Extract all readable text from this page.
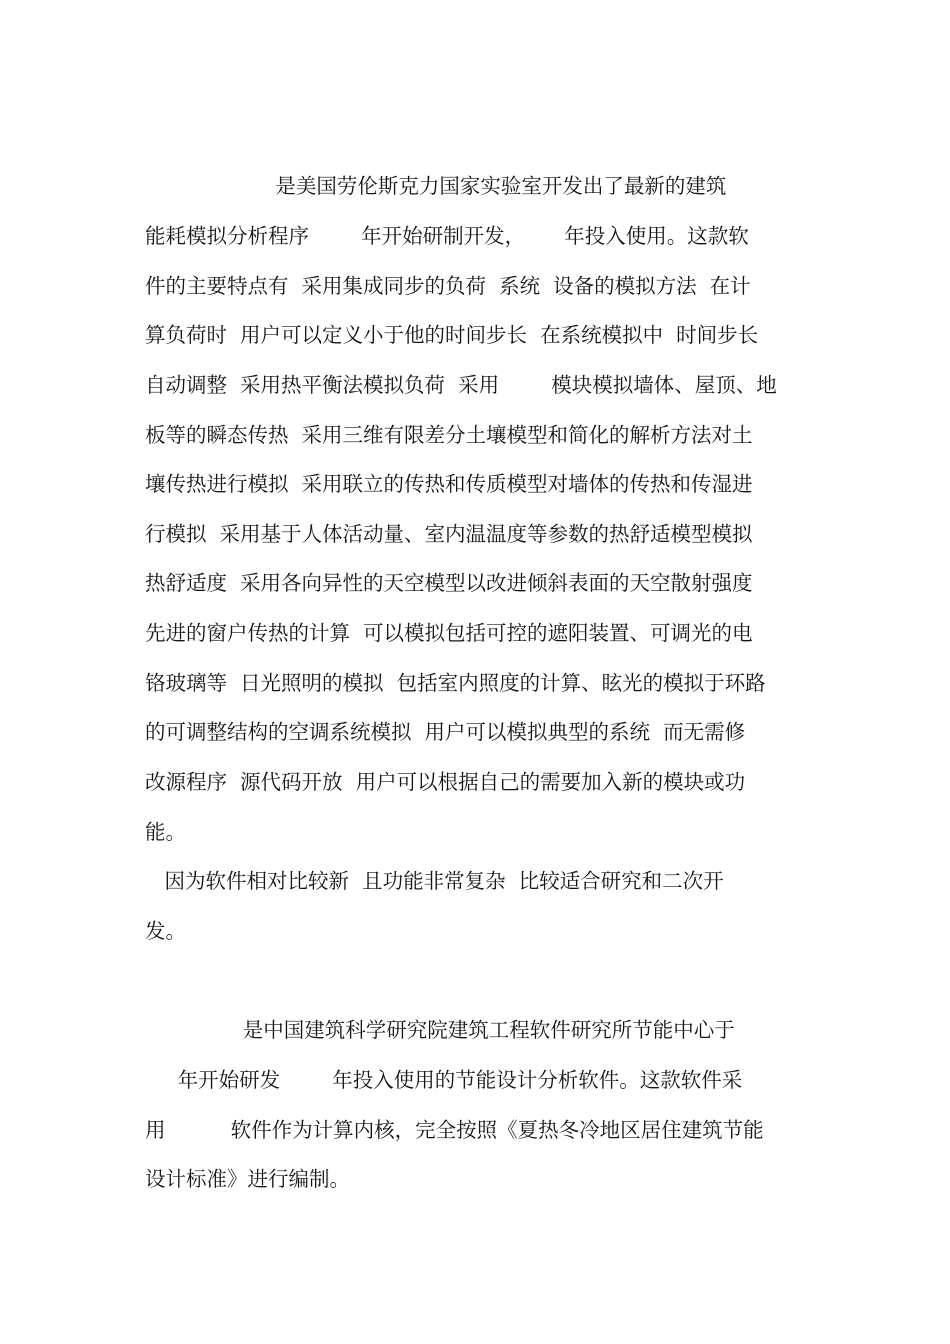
是美国劳伦斯克力国家实验室开发出了最新的建筑
能耗模拟分析程序        年开始研制开发，      年投入使用。这款软
件的主要特点有  采用集成同步的负荷  系统  设备的模拟方法  在计
算负荷时  用户可以定义小于他的时间步长  在系统模拟中  时间步长
自动调整  采用热平衡法模拟负荷  采用        模块模拟墙体、屋顶、地
板等的瞬态传热  采用三维有限差分土壤模型和简化的解析方法对土
壤传热进行模拟  采用联立的传热和传质模型对墙体的传热和传湿进
行模拟  采用基于人体活动量、室内温温度等参数的热舒适模型模拟
热舒适度  采用各向异性的天空模型以改进倾斜表面的天空散射强度
先进的窗户传热的计算  可以模拟包括可控的遮阳装置、可调光的电
铬玻璃等  日光照明的模拟  包括室内照度的计算、眩光的模拟于环路
的可调整结构的空调系统模拟  用户可以模拟典型的系统  而无需修
改源程序  源代码开放  用户可以根据自己的需要加入新的模块或功
能。
因为软件相对比较新  且功能非常复杂  比较适合研究和二次开
发。
是中国建筑科学研究院建筑工程软件研究所节能中心于
年开始研发        年投入使用的节能设计分析软件。这款软件采
用          软件作为计算内核，完全按照《夏热冬冷地区居住建筑节能
设计标准》进行编制。
